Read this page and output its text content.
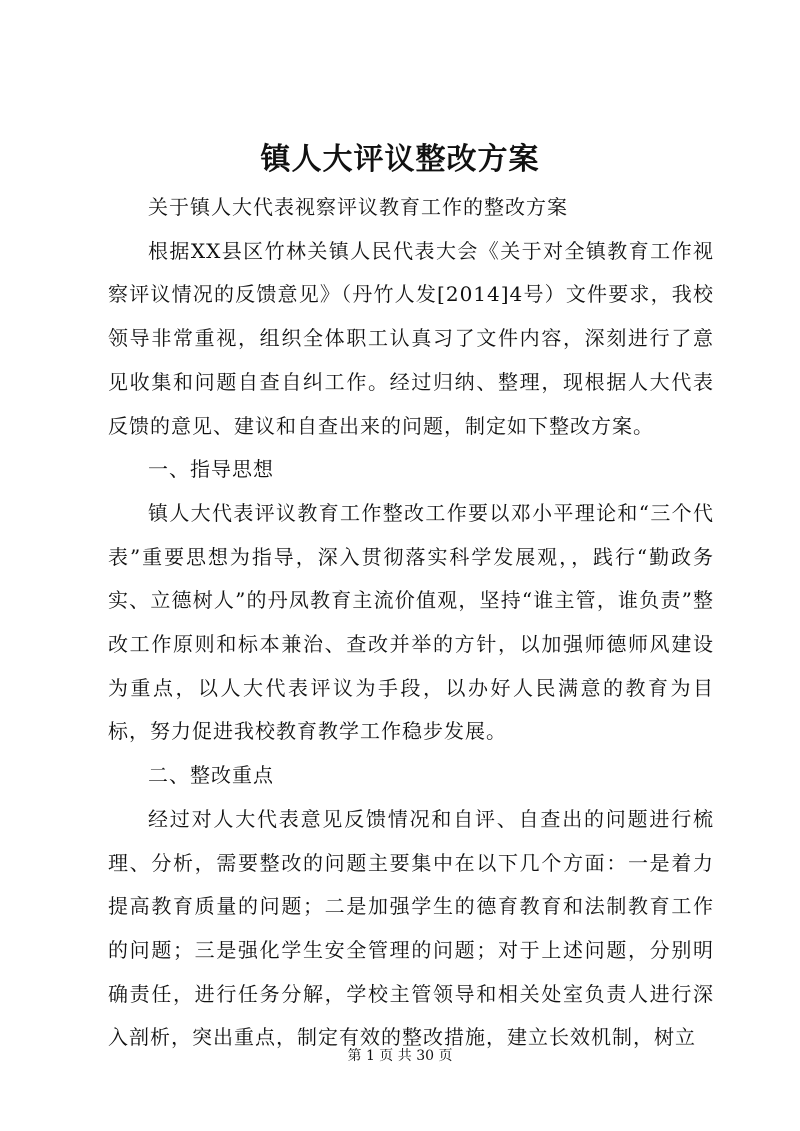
镇人大评议整改方案

关于镇人大代表视察评议教育工作的整改方案

根据XX县区竹林关镇人民代表大会《关于对全镇教育工作视察评议情况的反馈意见》（丹竹人发[2014]4号）文件要求，我校领导非常重视，组织全体职工认真习了文件内容，深刻进行了意见收集和问题自查自纠工作。经过归纳、整理，现根据人大代表反馈的意见、建议和自查出来的问题，制定如下整改方案。

一、指导思想

镇人大代表评议教育工作整改工作要以邓小平理论和“三个代表”重要思想为指导，深入贯彻落实科学发展观，，践行“勤政务实、立德树人”的丹凤教育主流价值观，坚持“谁主管，谁负责”整改工作原则和标本兼治、查改并举的方针，以加强师德师风建设为重点，以人大代表评议为手段，以办好人民满意的教育为目标，努力促进我校教育教学工作稳步发展。

二、整改重点

经过对人大代表意见反馈情况和自评、自查出的问题进行梳理、分析，需要整改的问题主要集中在以下几个方面：一是着力提高教育质量的问题；二是加强学生的德育教育和法制教育工作的问题；三是强化学生安全管理的问题；对于上述问题，分别明确责任，进行任务分解，学校主管领导和相关处室负责人进行深入剖析，突出重点，制定有效的整改措施，建立长效机制，树立

第 1 页 共 30 页
